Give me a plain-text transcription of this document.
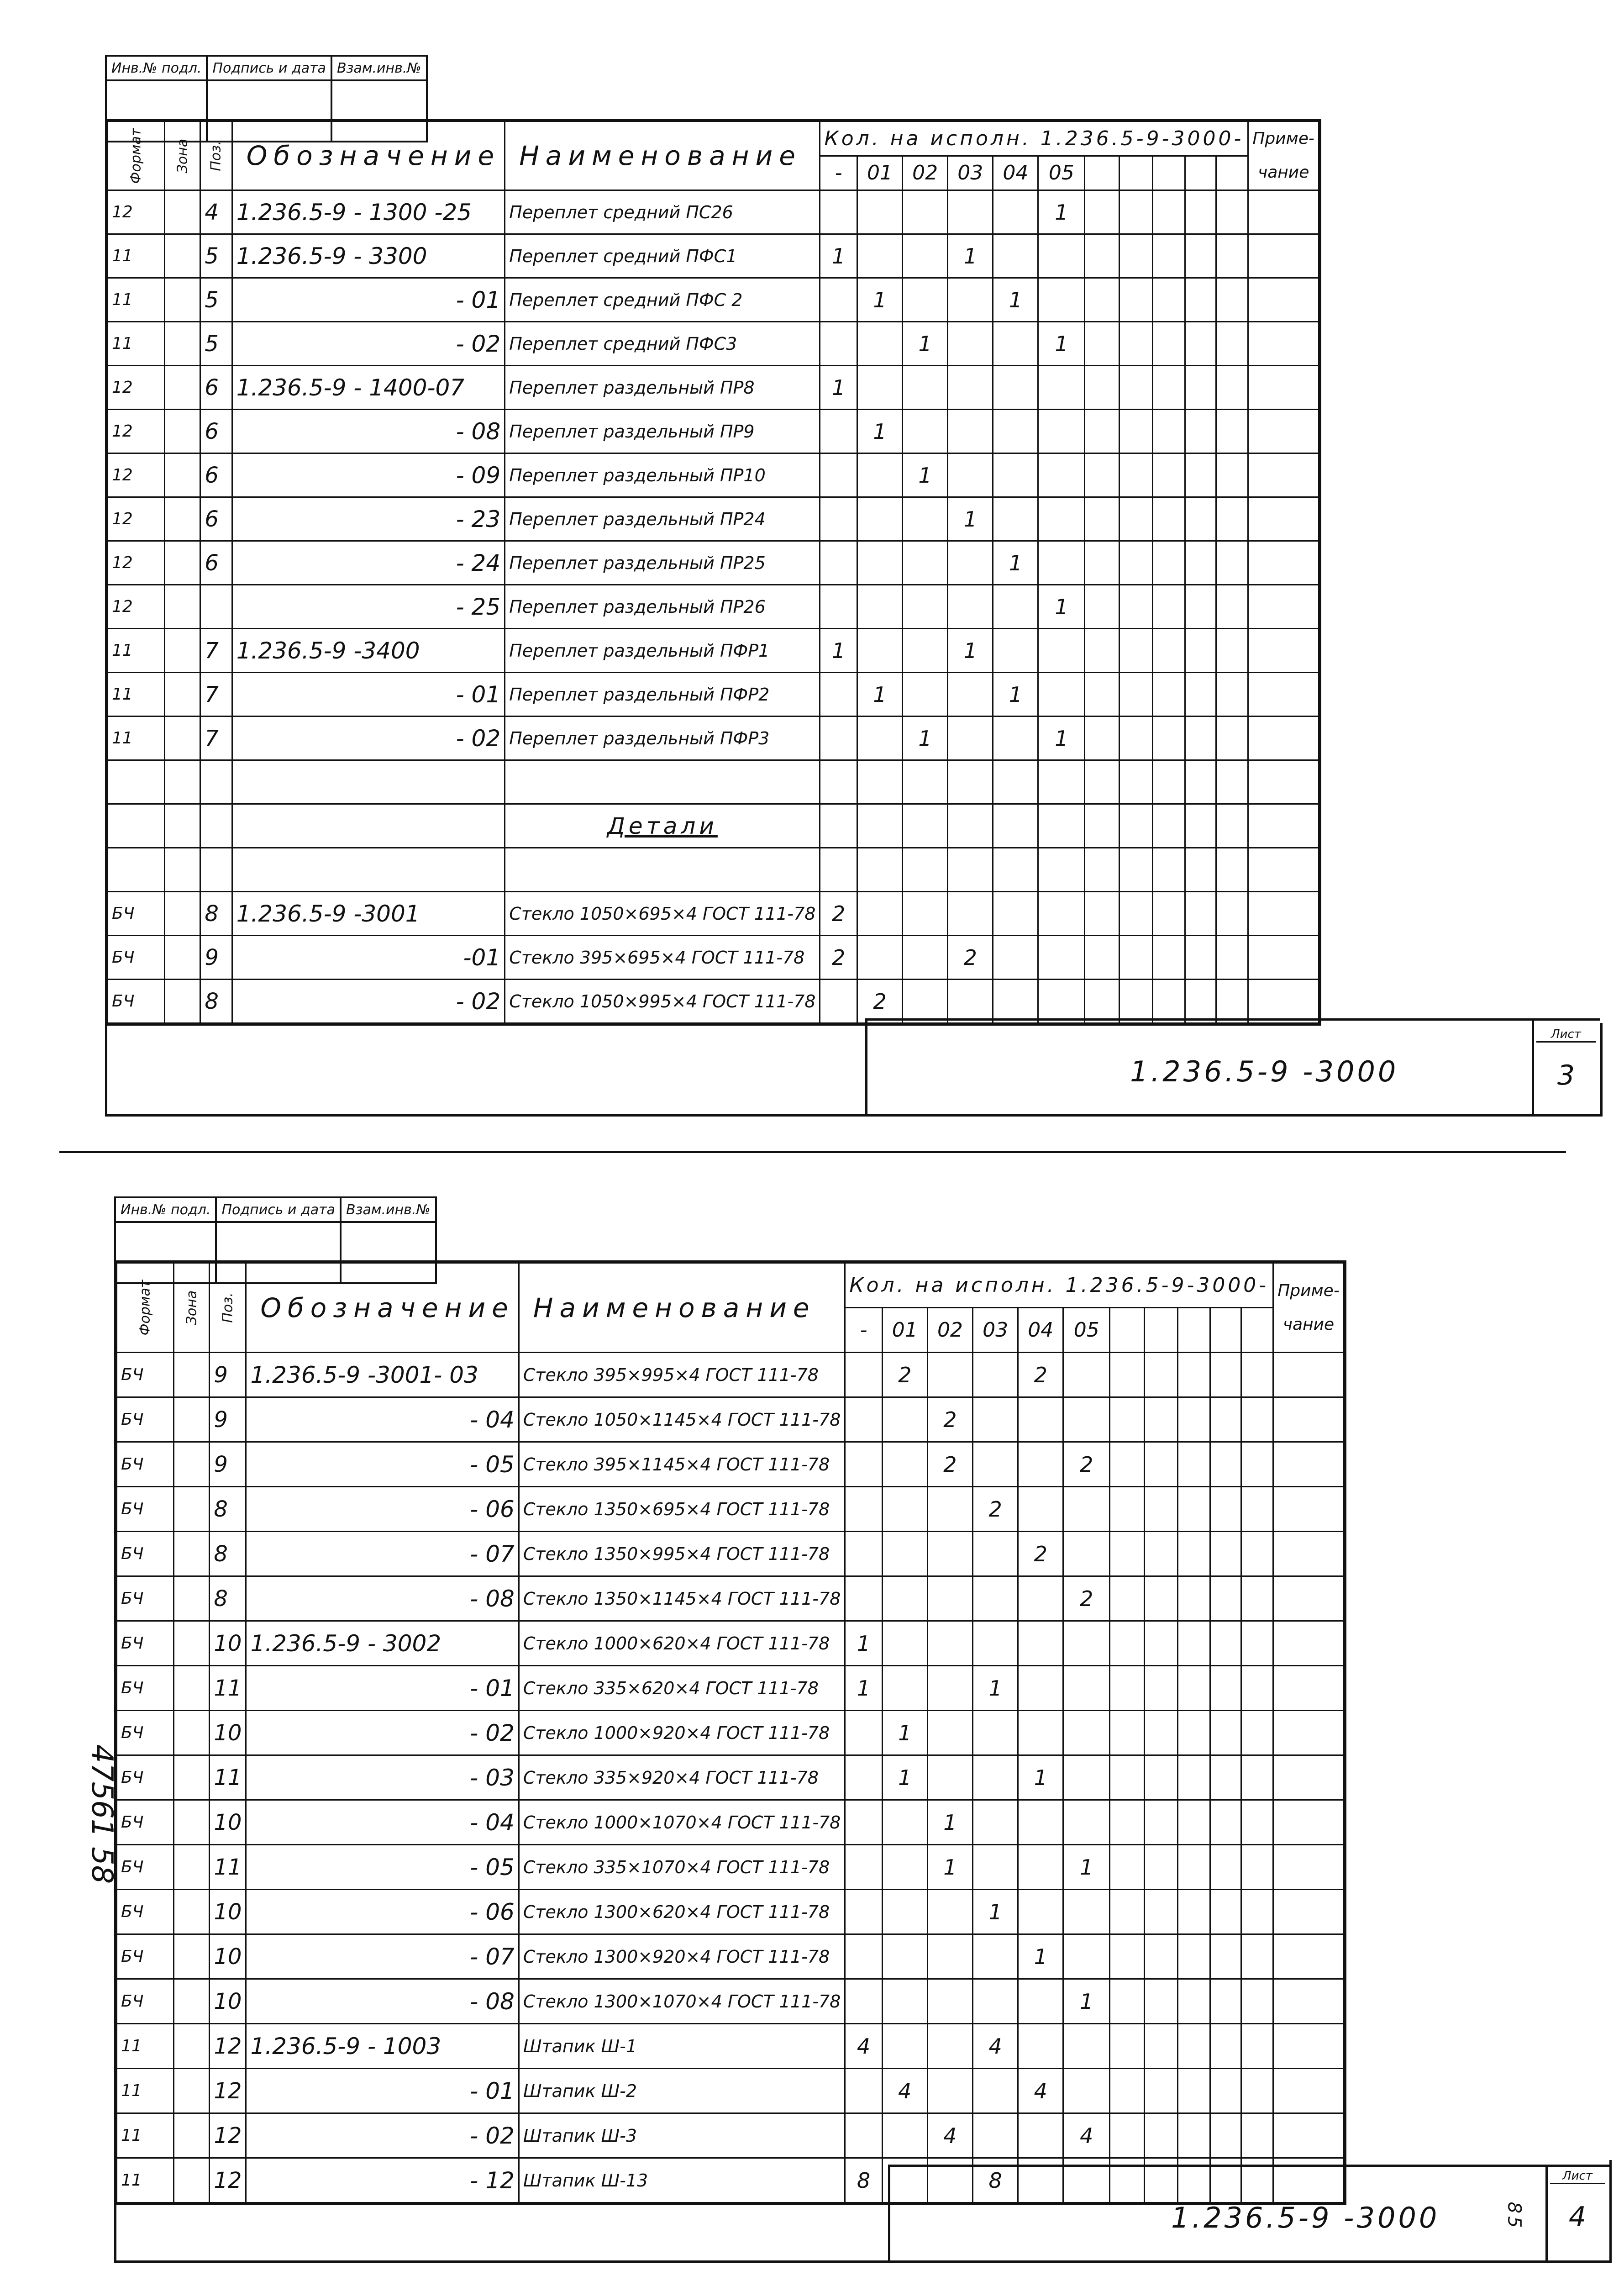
Инв.№ подл.	Подпись и дата	Взам.инв.№

Формат	Зона	Поз.	Обозначение	Наименование	Кол. на исполн. 1.236.5-9-3000-											Приме-чание
					-	01	02	03	04	05						
12		4	1.236.5-9 - 1300 -25	Переплет средний ПС26						1						
11		5	1.236.5-9 - 3300	Переплет средний ПФС1	1			1								
11		5	- 01	Переплет средний ПФС 2		1			1							
11		5	- 02	Переплет средний ПФС3			1			1						
12		6	1.236.5-9 - 1400-07	Переплет раздельный ПР8	1											
12		6	- 08	Переплет раздельный ПР9		1										
12		6	- 09	Переплет раздельный ПР10			1									
12		6	- 23	Переплет раздельный ПР24				1								
12		6	- 24	Переплет раздельный ПР25					1							
12			- 25	Переплет раздельный ПР26						1						
11		7	1.236.5-9 -3400	Переплет раздельный ПФР1	1			1								
11		7	- 01	Переплет раздельный ПФР2		1			1							
11		7	- 02	Переплет раздельный ПФР3			1			1						

				Детали												

БЧ		8	1.236.5-9 -3001	Стекло 1050×695×4 ГОСТ 111-78	2											
БЧ		9	-01	Стекло 395×695×4 ГОСТ 111-78	2			2								
БЧ		8	- 02	Стекло 1050×995×4 ГОСТ 111-78		2										
1.236.5-9 -3000
Лист
3
Инв.№ подл.	Подпись и дата	Взам.инв.№

Формат	Зона	Поз.	Обозначение	Наименование	Кол. на исполн. 1.236.5-9-3000-											Приме-чание
					-	01	02	03	04	05						
БЧ		9	1.236.5-9 -3001- 03	Стекло 395×995×4 ГОСТ 111-78		2			2							
БЧ		9	- 04	Стекло 1050×1145×4 ГОСТ 111-78			2									
БЧ		9	- 05	Стекло 395×1145×4 ГОСТ 111-78			2			2						
БЧ		8	- 06	Стекло 1350×695×4 ГОСТ 111-78				2								
БЧ		8	- 07	Стекло 1350×995×4 ГОСТ 111-78					2							
БЧ		8	- 08	Стекло 1350×1145×4 ГОСТ 111-78						2						
БЧ		10	1.236.5-9 - 3002	Стекло 1000×620×4 ГОСТ 111-78	1											
БЧ		11	- 01	Стекло 335×620×4 ГОСТ 111-78	1			1								
БЧ		10	- 02	Стекло 1000×920×4 ГОСТ 111-78		1										
БЧ		11	- 03	Стекло 335×920×4 ГОСТ 111-78		1			1							
БЧ		10	- 04	Стекло 1000×1070×4 ГОСТ 111-78			1									
БЧ		11	- 05	Стекло 335×1070×4 ГОСТ 111-78			1			1						
БЧ		10	- 06	Стекло 1300×620×4 ГОСТ 111-78				1								
БЧ		10	- 07	Стекло 1300×920×4 ГОСТ 111-78					1							
БЧ		10	- 08	Стекло 1300×1070×4 ГОСТ 111-78						1						
11		12	1.236.5-9 - 1003	Штапик Ш-1	4			4								
11		12	- 01	Штапик Ш-2		4			4							
11		12	- 02	Штапик Ш-3			4			4						
11		12	- 12	Штапик Ш-13	8			8								
1.236.5-9 -3000	85
Лист
4
47561 58
